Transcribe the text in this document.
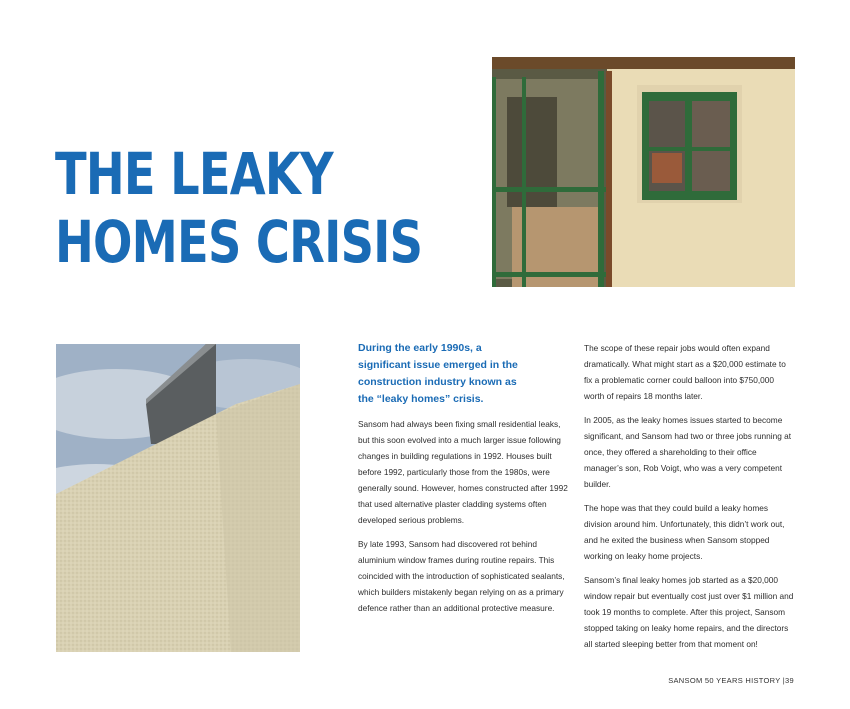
THE LEAKY
HOMES CRISIS

During the early 1990s, a significant issue emerged in the construction industry known as the “leaky homes” crisis.

Sansom had always been fixing small residential leaks, but this soon evolved into a much larger issue following changes in building regulations in 1992. Houses built before 1992, particularly those from the 1980s, were generally sound. However, homes constructed after 1992 that used alternative plaster cladding systems often developed serious problems.

By late 1993, Sansom had discovered rot behind aluminium window frames during routine repairs. This coincided with the introduction of sophisticated sealants, which builders mistakenly began relying on as a primary defence rather than an additional protective measure.

The scope of these repair jobs would often expand dramatically. What might start as a $20,000 estimate to fix a problematic corner could balloon into $750,000 worth of repairs 18 months later.

In 2005, as the leaky homes issues started to become significant, and Sansom had two or three jobs running at once, they offered a shareholding to their office manager’s son, Rob Voigt, who was a very competent builder.

The hope was that they could build a leaky homes division around him. Unfortunately, this didn’t work out, and he exited the business when Sansom stopped working on leaky home projects.

Sansom’s final leaky homes job started as a $20,000 window repair but eventually cost just over $1 million and took 19 months to complete. After this project, Sansom stopped taking on leaky home repairs, and the directors all started sleeping better from that moment on!

SANSOM 50 YEARS HISTORY |39
